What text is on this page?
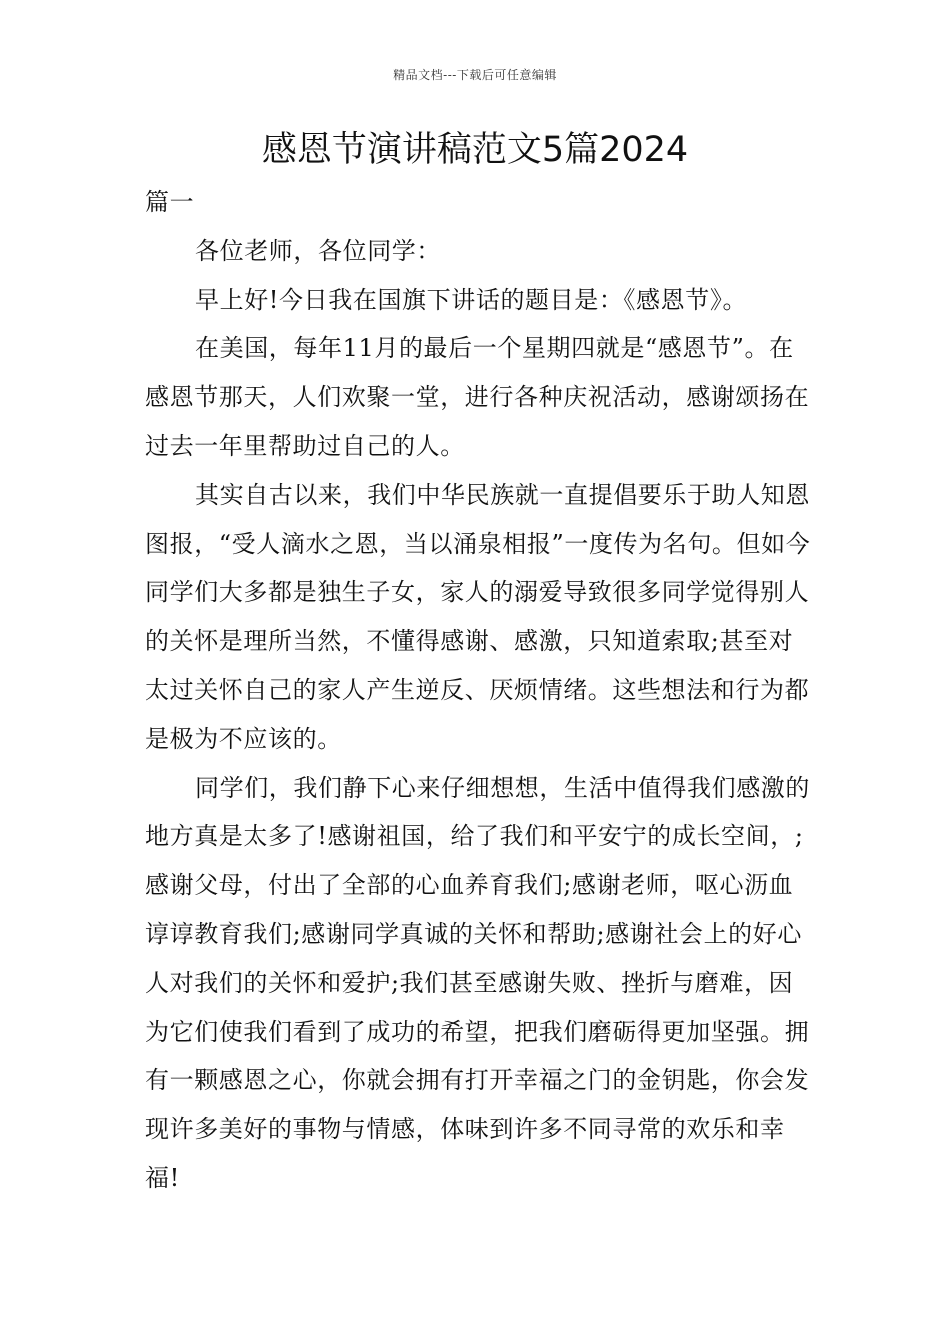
精品文档---下载后可任意编辑
感恩节演讲稿范文5篇2024

篇一

各位老师，各位同学：

早上好!今日我在国旗下讲话的题目是：《感恩节》。

在美国，每年11月的最后一个星期四就是“感恩节”。在感恩节那天，人们欢聚一堂，进行各种庆祝活动，感谢颂扬在过去一年里帮助过自己的人。

其实自古以来，我们中华民族就一直提倡要乐于助人知恩图报，“受人滴水之恩，当以涌泉相报”一度传为名句。但如今同学们大多都是独生子女，家人的溺爱导致很多同学觉得别人的关怀是理所当然，不懂得感谢、感激，只知道索取;甚至对太过关怀自己的家人产生逆反、厌烦情绪。这些想法和行为都是极为不应该的。

同学们，我们静下心来仔细想想，生活中值得我们感激的地方真是太多了!感谢祖国，给了我们和平安宁的成长空间，;感谢父母，付出了全部的心血养育我们;感谢老师，呕心沥血谆谆教育我们;感谢同学真诚的关怀和帮助;感谢社会上的好心人对我们的关怀和爱护;我们甚至感谢失败、挫折与磨难，因为它们使我们看到了成功的希望，把我们磨砺得更加坚强。拥有一颗感恩之心，你就会拥有打开幸福之门的金钥匙，你会发现许多美好的事物与情感，体味到许多不同寻常的欢乐和幸福!
